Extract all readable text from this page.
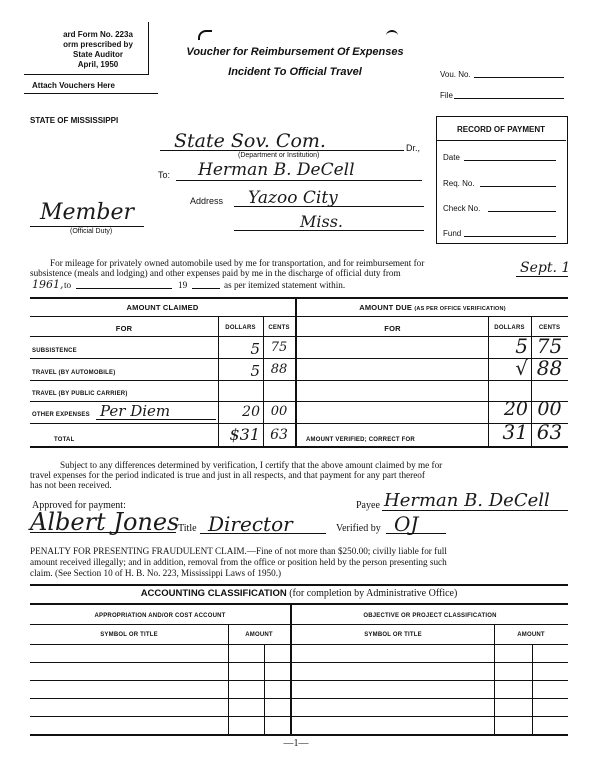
ard Form No. 223a
orm prescribed by
State Auditor
April, 1950
Attach Vouchers Here
Voucher for Reimbursement Of Expenses
Incident To Official Travel	Vou. No.
File
STATE OF MISSISSIPPI
State Sov. Com.	Dr.,
(Department or Institution)
To: Herman B. DeCell
Address Yazoo City
Miss.
Member
(Official Duty)
RECORD OF PAYMENT
Date
Req. No.
Check No.
Fund
For mileage for privately owned automobile used by me for transportation, and for reimbursement for
subsistence (meals and lodging) and other expenses paid by me in the discharge of official duty from	Sept. 1
1961, to	19	as per itemized statement within.
AMOUNT CLAIMED	AMOUNT DUE (AS PER OFFICE VERIFICATION)
FOR	DOLLARS	CENTS	FOR	DOLLARS	CENTS
SUBSISTENCE	5 75	5 75
TRAVEL (BY AUTOMOBILE)	5 88	√ 88
TRAVEL (BY PUBLIC CARRIER)
OTHER EXPENSES Per Diem	20 00	20 00
TOTAL	$31 63	AMOUNT VERIFIED; CORRECT FOR	31 63
Subject to any differences determined by verification, I certify that the above amount claimed by me for
travel expenses for the period indicated is true and just in all respects, and that payment for any part thereof
has not been received.
Approved for payment:
Albert Jones
Payee Herman B. DeCell
Title Director	Verified by OJ
PENALTY FOR PRESENTING FRAUDULENT CLAIM.—Fine of not more than $250.00; civilly liable for full
amount received illegally; and in addition, removal from the office or position held by the person presenting such
claim. (See Section 10 of H. B. No. 223, Mississippi Laws of 1950.)
ACCOUNTING CLASSIFICATION (for completion by Administrative Office)
APPROPRIATION AND/OR COST ACCOUNT	OBJECTIVE OR PROJECT CLASSIFICATION
SYMBOL OR TITLE	AMOUNT	SYMBOL OR TITLE	AMOUNT
—1—
